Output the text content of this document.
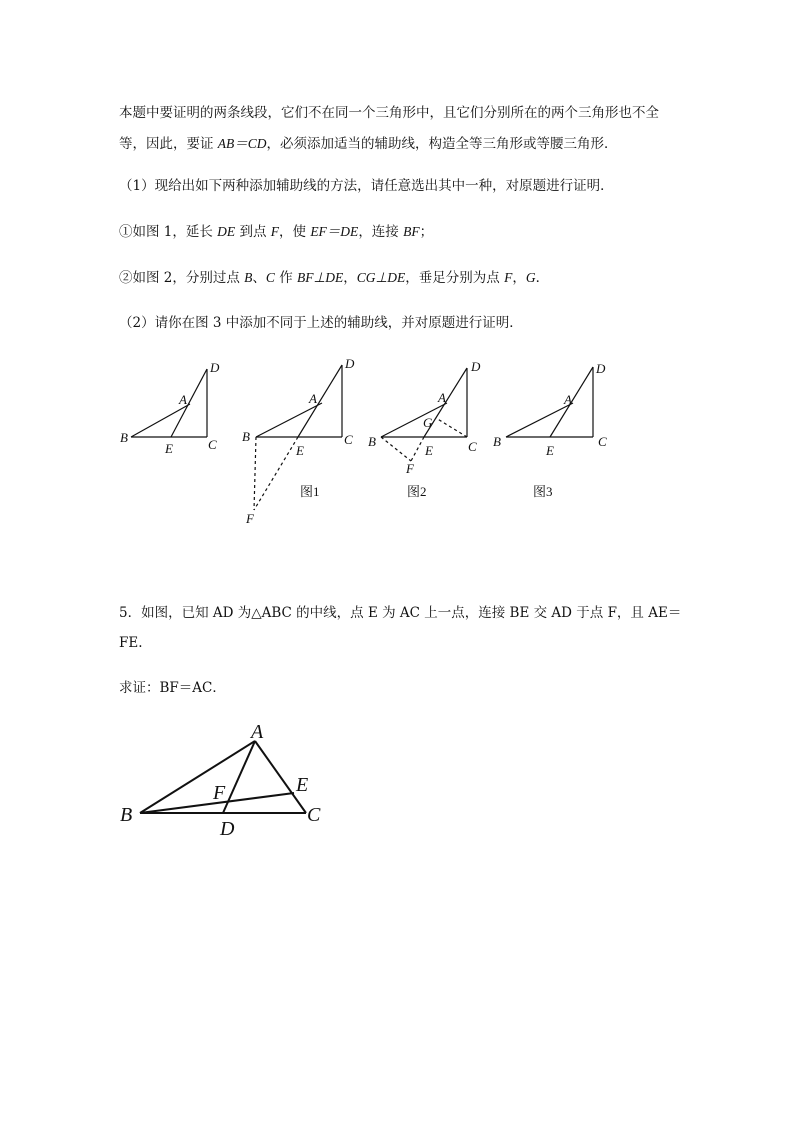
本题中要证明的两条线段，它们不在同一个三角形中，且它们分别所在的两个三角形也不全
等，因此，要证 AB＝CD，必须添加适当的辅助线，构造全等三角形或等腰三角形．
（1）现给出如下两种添加辅助线的方法，请任意选出其中一种，对原题进行证明．
①如图 1，延长 DE 到点 F，使 EF＝DE，连接 BF；
②如图 2，分别过点 B、C 作 BF⊥DE，CG⊥DE，垂足分别为点 F，G．
（2）请你在图 3 中添加不同于上述的辅助线，并对原题进行证明．
5．如图，已知 AD 为△ABC 的中线，点 E 为 AC 上一点，连接 BE 交 AD 于点 F，且 AE＝
FE.
求证：BF＝AC．
B
E	C
A
D
B
E
C
A
D
F
图1
B
E	C
A
D
F
G
图2
B
E
C
A
D
图3
A
B	C
D
E
F
